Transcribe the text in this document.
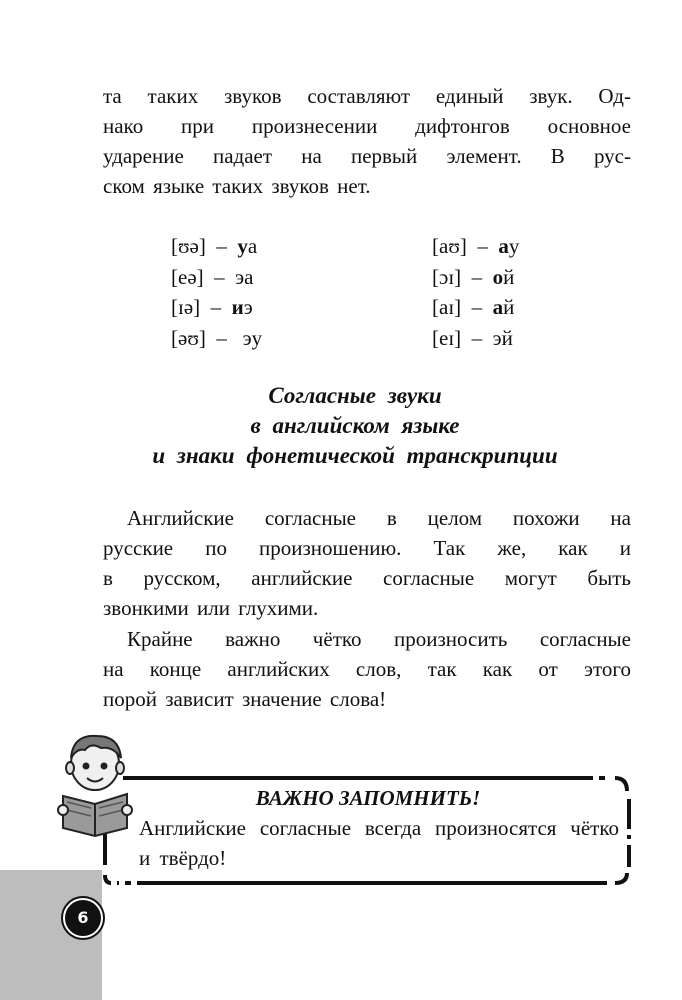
та таких звуков составляют единый звук. Од-
нако при произнесении дифтонгов основное
ударение падает на первый элемент. В рус-
ском языке таких звуков нет.
[ʊə] – уа
[eə] – эа
[ɪə] – иэ
[əʊ] – эу
[aʊ] – ау
[ɔɪ] – ой
[aɪ] – ай
[eɪ] – эй
Согласные звуки
в английском языке
и знаки фонетической транскрипции
Английские согласные в целом похожи на
русские по произношению. Так же, как и
в русском, английские согласные могут быть
звонкими или глухими.
Крайне важно чётко произносить согласные
на конце английских слов, так как от этого
порой зависит значение слова!
ВАЖНО ЗАПОМНИТЬ!
Английские согласные всегда произносятся чётко и твёрдо!
6
